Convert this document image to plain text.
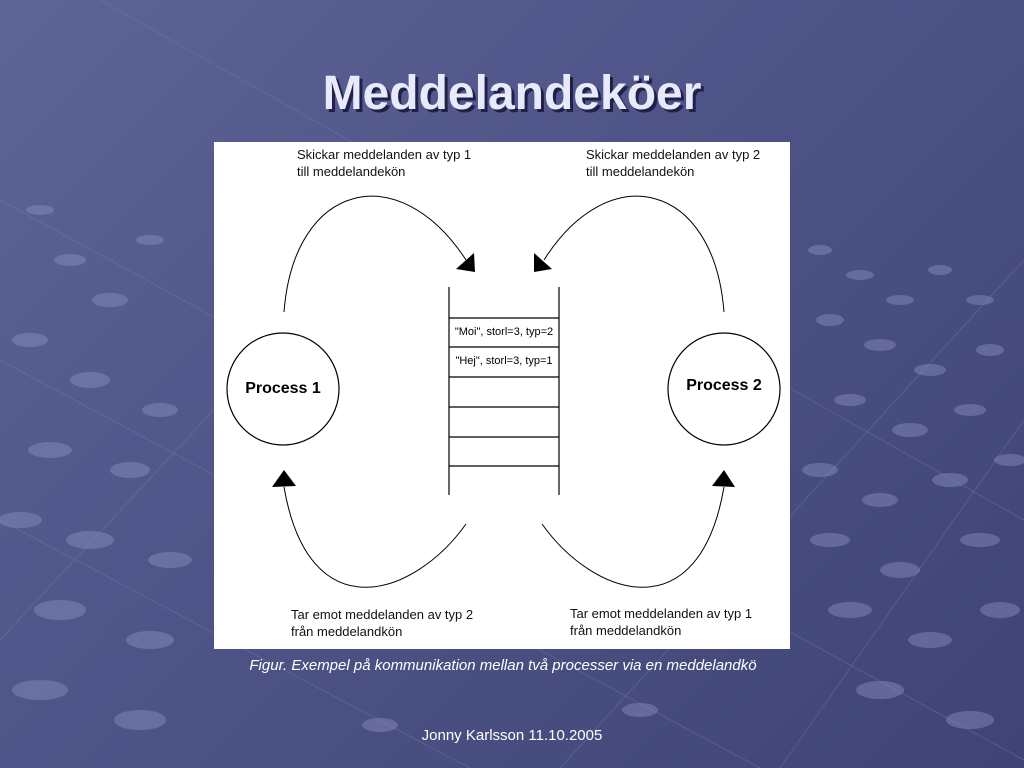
Meddelandeköer
Skickar meddelanden av typ 1
till meddelandekön
Skickar meddelanden av typ 2
till meddelandekön
Tar emot meddelanden av typ 2
från meddelandkön
Tar emot meddelanden av typ 1
från meddelandkön
Process 1	Process 2
"Moi", storl=3, typ=2
"Hej", storl=3, typ=1
Figur. Exempel på kommunikation mellan två processer via en meddelandkö
Jonny Karlsson 11.10.2005
